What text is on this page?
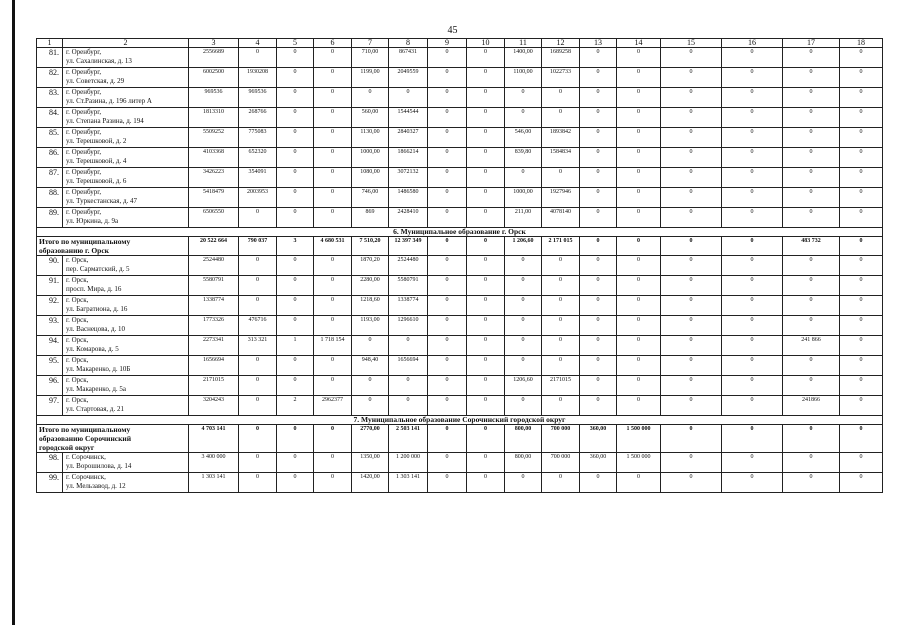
45
1	2	3	4	5	6	7	8	9	10	11	12	13	14	15	16	17	18
81.	г. Оренбург,
ул. Сахалинская, д. 13	2556689	0	0	0	710,00	867431	0	0	1400,00	1689258	0	0	0	0	0	0
82.	г. Оренбург,
ул. Советская, д. 29	6002500	1930208	0	0	1199,00	2049559	0	0	1100,00	1022733	0	0	0	0	0	0
83.	г. Оренбург,
ул. Ст.Разина, д. 196 литер А	969536	969536	0	0	0	0	0	0	0	0	0	0	0	0	0	0
84.	г. Оренбург,
ул. Степана Разина, д. 194	1813310	268766	0	0	560,00	1544544	0	0	0	0	0	0	0	0	0	0
85.	г. Оренбург,
ул. Терешковой, д. 2	5509252	775083	0	0	1130,00	2840327	0	0	546,00	1893842	0	0	0	0	0	0
86.	г. Оренбург,
ул. Терешковой, д. 4	4103368	652320	0	0	1000,00	1866214	0	0	839,80	1584834	0	0	0	0	0	0
87.	г. Оренбург,
ул. Терешковой, д. 6	3426223	354091	0	0	1080,00	3072132	0	0	0	0	0	0	0	0	0	0
88.	г. Оренбург,
ул. Туркестанская, д. 47	5418479	2003953	0	0	746,00	1486580	0	0	1000,00	1927946	0	0	0	0	0	0
89.	г. Оренбург,
ул. Юркина, д. 9а	6506550	0	0	0	869	2428410	0	0	211,00	4078140	0	0	0	0	0	0
6. Муниципальное образование г. Орск																	

Итого по муниципальному
образованию г. Орск		20 522 664	790 037	3	4 680 531	7 510,20	12 397 349	0	0	1 206,60	2 171 015	0	0	0	0	483 732	0
90.	г. Орск,
пер. Сарматский, д. 5	2524480	0	0	0	1870,20	2524480	0	0	0	0	0	0	0	0	0	0
91.	г. Орск,
просп. Мира, д. 16	5580791	0	0	0	2280,00	5580791	0	0	0	0	0	0	0	0	0	0
92.	г. Орск,
ул. Багратиона, д. 16	1338774	0	0	0	1218,60	1338774	0	0	0	0	0	0	0	0	0	0
93.	г. Орск,
ул. Васнецова, д. 10	1773326	476716	0	0	1193,00	1296610	0	0	0	0	0	0	0	0	0	0
94.	г. Орск,
ул. Комарова, д. 5	2273341	313 321	1	1 718 154	0	0	0	0	0	0	0	0	0	0	241 866	0
95.	г. Орск,
ул. Макаренко, д. 10Б	1656694	0	0	0	948,40	1656694	0	0	0	0	0	0	0	0	0	0
96.	г. Орск,
ул. Макаренко, д. 5а	2171015	0	0	0	0	0	0	0	1206,60	2171015	0	0	0	0	0	0
97.	г. Орск,
ул. Стартовая, д. 21	3204243	0	2	2962377	0	0	0	0	0	0	0	0	0	0	241866	0
7. Муниципальное образование Сорочинский городской округ																	

Итого по муниципальному
образованию Сорочинский
городской округ		4 703 141	0	0	0	2770,00	2 503 141	0	0	800,00	700 000	360,00	1 500 000	0	0	0	0
98.	г. Сорочинск,
ул. Ворошилова, д. 14	3 400 000	0	0	0	1350,00	1 200 000	0	0	800,00	700 000	360,00	1 500 000	0	0	0	0
99.	г. Сорочинск,
ул. Мельзавод, д. 12	1 303 141	0	0	0	1420,00	1 303 141	0	0	0	0	0	0	0	0	0	0
